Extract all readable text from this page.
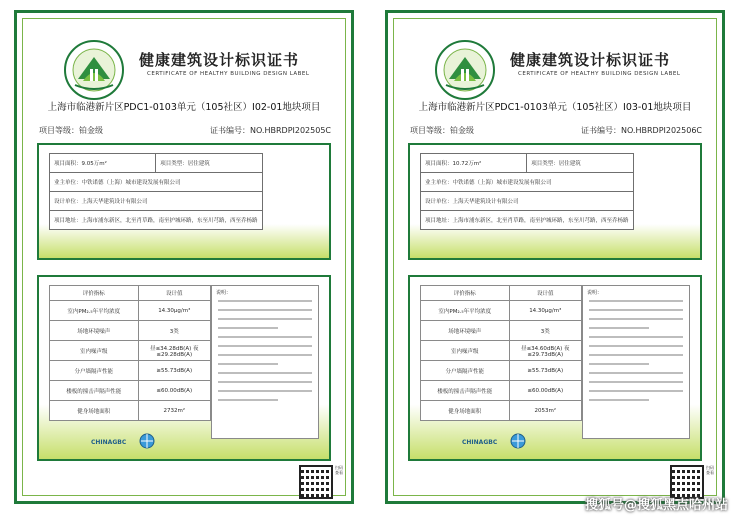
健康建筑设计标识证书
CERTIFICATE OF HEALTHY BUILDING DESIGN LABEL
上海市临港新片区PDC1-0103单元（105社区）I02-01地块项目
项目等级：铂金级	证书编号：NO.HBRDPI202505C
项目面积：9.05万m²	项目类型：居住建筑
业主单位：中铁诺德（上海）城市建设发展有限公司
设计单位：上海天华建筑设计有限公司
项目地址：上海市浦东新区，北至肖草路，南至护城环路，东至川芎路，西至乔杨路
评价指标	设计值
室内PM₂.₅年平均浓度	14.30μg/m³
场地环境噪声	3类
室内噪声级	昼≤34.28dB(A) 夜≤29.28dB(A)
分户墙隔声性能	≥55.73dB(A)
楼板的撞击声隔声性能	≤60.00dB(A)
健身场地面积	2732m²
说明：
CHINAGBC
扫码查看
健康建筑设计标识证书
CERTIFICATE OF HEALTHY BUILDING DESIGN LABEL
上海市临港新片区PDC1-0103单元（105社区）I03-01地块项目
项目等级：铂金级	证书编号：NO.HBRDPI202506C
项目面积：10.72万m²	项目类型：居住建筑
业主单位：中铁诺德（上海）城市建设发展有限公司
设计单位：上海天华建筑设计有限公司
项目地址：上海市浦东新区，北至肖草路，南至护城环路，东至川芎路，西至乔杨路
评价指标	设计值
室内PM₂.₅年平均浓度	14.30μg/m³
场地环境噪声	3类
室内噪声级	昼≤34.60dB(A) 夜≤29.73dB(A)
分户墙隔声性能	≥55.73dB(A)
楼板的撞击声隔声性能	≤60.00dB(A)
健身场地面积	2053m²
说明：
CHINAGBC
扫码查看
搜狐号@搜狐黑点哈州站
